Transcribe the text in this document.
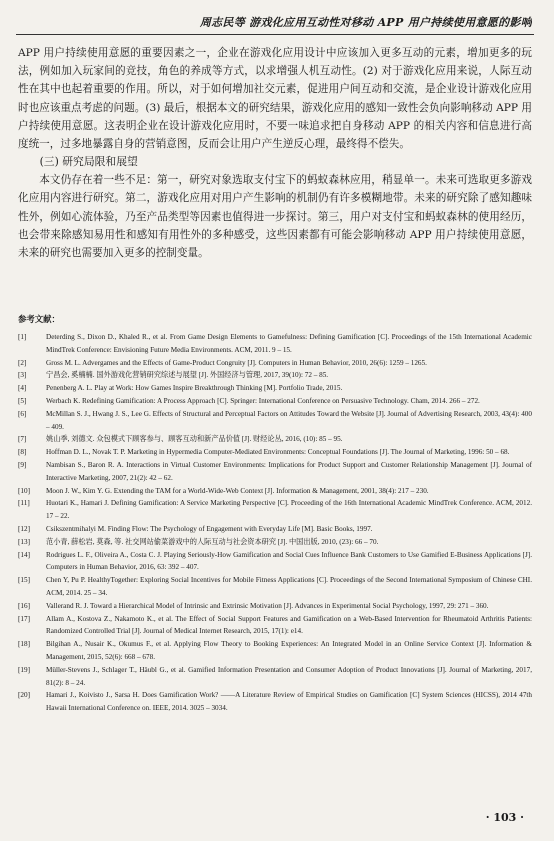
周志民等 游戏化应用互动性对移动 APP 用户持续使用意愿的影响

APP 用户持续使用意愿的重要因素之一，企业在游戏化应用设计中应该加入更多互动的元素，增加更多的玩法，例如加入玩家间的竞技，角色的养成等方式，以求增强人机互动性。(2) 对于游戏化应用来说，人际互动性在其中也起着重要的作用。所以，对于如何增加社交元素，促进用户间互动和交流，是企业设计游戏化应用时也应该重点考虑的问题。(3) 最后，根据本文的研究结果，游戏化应用的感知一致性会负向影响移动 APP 用户持续使用意愿。这表明企业在设计游戏化应用时，不要一味追求把自身移动 APP 的相关内容和信息进行高度统一，过多地暴露自身的营销意图，反而会让用户产生逆反心理，最终得不偿失。

(三) 研究局限和展望

本文仍存在着一些不足：第一，研究对象选取支付宝下的蚂蚁森林应用，稍显单一。未来可选取更多游戏化应用内容进行研究。第二，游戏化应用对用户产生影响的机制仍有许多模糊地带。未来的研究除了感知趣味性外，例如心流体验，乃至产品类型等因素也值得进一步探讨。第三，用户对支付宝和蚂蚁森林的使用经历，也会带来除感知易用性和感知有用性外的多种感受，这些因素都有可能会影响移动 APP 用户持续使用意愿，未来的研究也需要加入更多的控制变量。

参考文献：
[1]	Deterding S., Dixon D., Khaled R., et al. From Game Design Elements to Gamefulness: Defining Gamification [C]. Proceedings of the 15th International Academic MindTrek Conference: Envisioning Future Media Environments. ACM, 2011. 9 – 15.
[2]	Gross M. L. Advergames and the Effects of Game-Product Congruity [J]. Computers in Human Behavior, 2010, 26(6): 1259 – 1265.
[3]	宁昌会, 奚楠楠. 国外游戏化营销研究综述与展望 [J]. 外国经济与管理, 2017, 39(10): 72 – 85.
[4]	Penenberg A. L. Play at Work: How Games Inspire Breakthrough Thinking [M]. Portfolio Trade, 2015.
[5]	Werbach K. Redefining Gamification: A Process Approach [C]. Springer: International Conference on Persuasive Technology. Cham, 2014. 266 – 272.
[6]	McMillan S. J., Hwang J. S., Lee G. Effects of Structural and Perceptual Factors on Attitudes Toward the Website [J]. Journal of Advertising Research, 2003, 43(4): 400 – 409.
[7]	姚山季, 刘德文. 众包模式下顾客参与、顾客互动和新产品价值 [J]. 财经论丛, 2016, (10): 85 – 95.
[8]	Hoffman D. L., Novak T. P. Marketing in Hypermedia Computer-Mediated Environments: Conceptual Foundations [J]. The Journal of Marketing, 1996: 50 – 68.
[9]	Nambisan S., Baron R. A. Interactions in Virtual Customer Environments: Implications for Product Support and Customer Relationship Management [J]. Journal of Interactive Marketing, 2007, 21(2): 42 – 62.
[10]	Moon J. W., Kim Y. G. Extending the TAM for a World-Wide-Web Context [J]. Information & Management, 2001, 38(4): 217 – 230.
[11]	Huotari K., Hamari J. Defining Gamification: A Service Marketing Perspective [C]. Proceeding of the 16th International Academic MindTrek Conference. ACM, 2012. 17 – 22.
[12]	Csikszentmihalyi M. Finding Flow: The Psychology of Engagement with Everyday Life [M]. Basic Books, 1997.
[13]	范小青, 薛松岩, 莫森, 等. 社交网站偷菜游戏中的人际互动与社会资本研究 [J]. 中国出版, 2010, (23): 66 – 70.
[14]	Rodrigues L. F., Oliveira A., Costa C. J. Playing Seriously-How Gamification and Social Cues Influence Bank Customers to Use Gamified E-Business Applications [J]. Computers in Human Behavior, 2016, 63: 392 – 407.
[15]	Chen Y, Pu P. HealthyTogether: Exploring Social Incentives for Mobile Fitness Applications [C]. Proceedings of the Second International Symposium of Chinese CHI. ACM, 2014. 25 – 34.
[16]	Vallerand R. J. Toward a Hierarchical Model of Intrinsic and Extrinsic Motivation [J]. Advances in Experimental Social Psychology, 1997, 29: 271 – 360.
[17]	Allam A., Kostova Z., Nakamoto K., et al. The Effect of Social Support Features and Gamification on a Web-Based Intervention for Rheumatoid Arthritis Patients: Randomized Controlled Trial [J]. Journal of Medical Internet Research, 2015, 17(1): e14.
[18]	Bilgihan A., Nusair K., Okumus F., et al. Applying Flow Theory to Booking Experiences: An Integrated Model in an Online Service Context [J]. Information & Management, 2015, 52(6): 668 – 678.
[19]	Müller-Stevens J., Schlager T., Häubl G., et al. Gamified Information Presentation and Consumer Adoption of Product Innovations [J]. Journal of Marketing, 2017, 81(2): 8 – 24.
[20]	Hamari J., Koivisto J., Sarsa H. Does Gamification Work? ——A Literature Review of Empirical Studies on Gamification [C] System Sciences (HICSS), 2014 47th Hawaii International Conference on. IEEE, 2014. 3025 – 3034.
· 103 ·
